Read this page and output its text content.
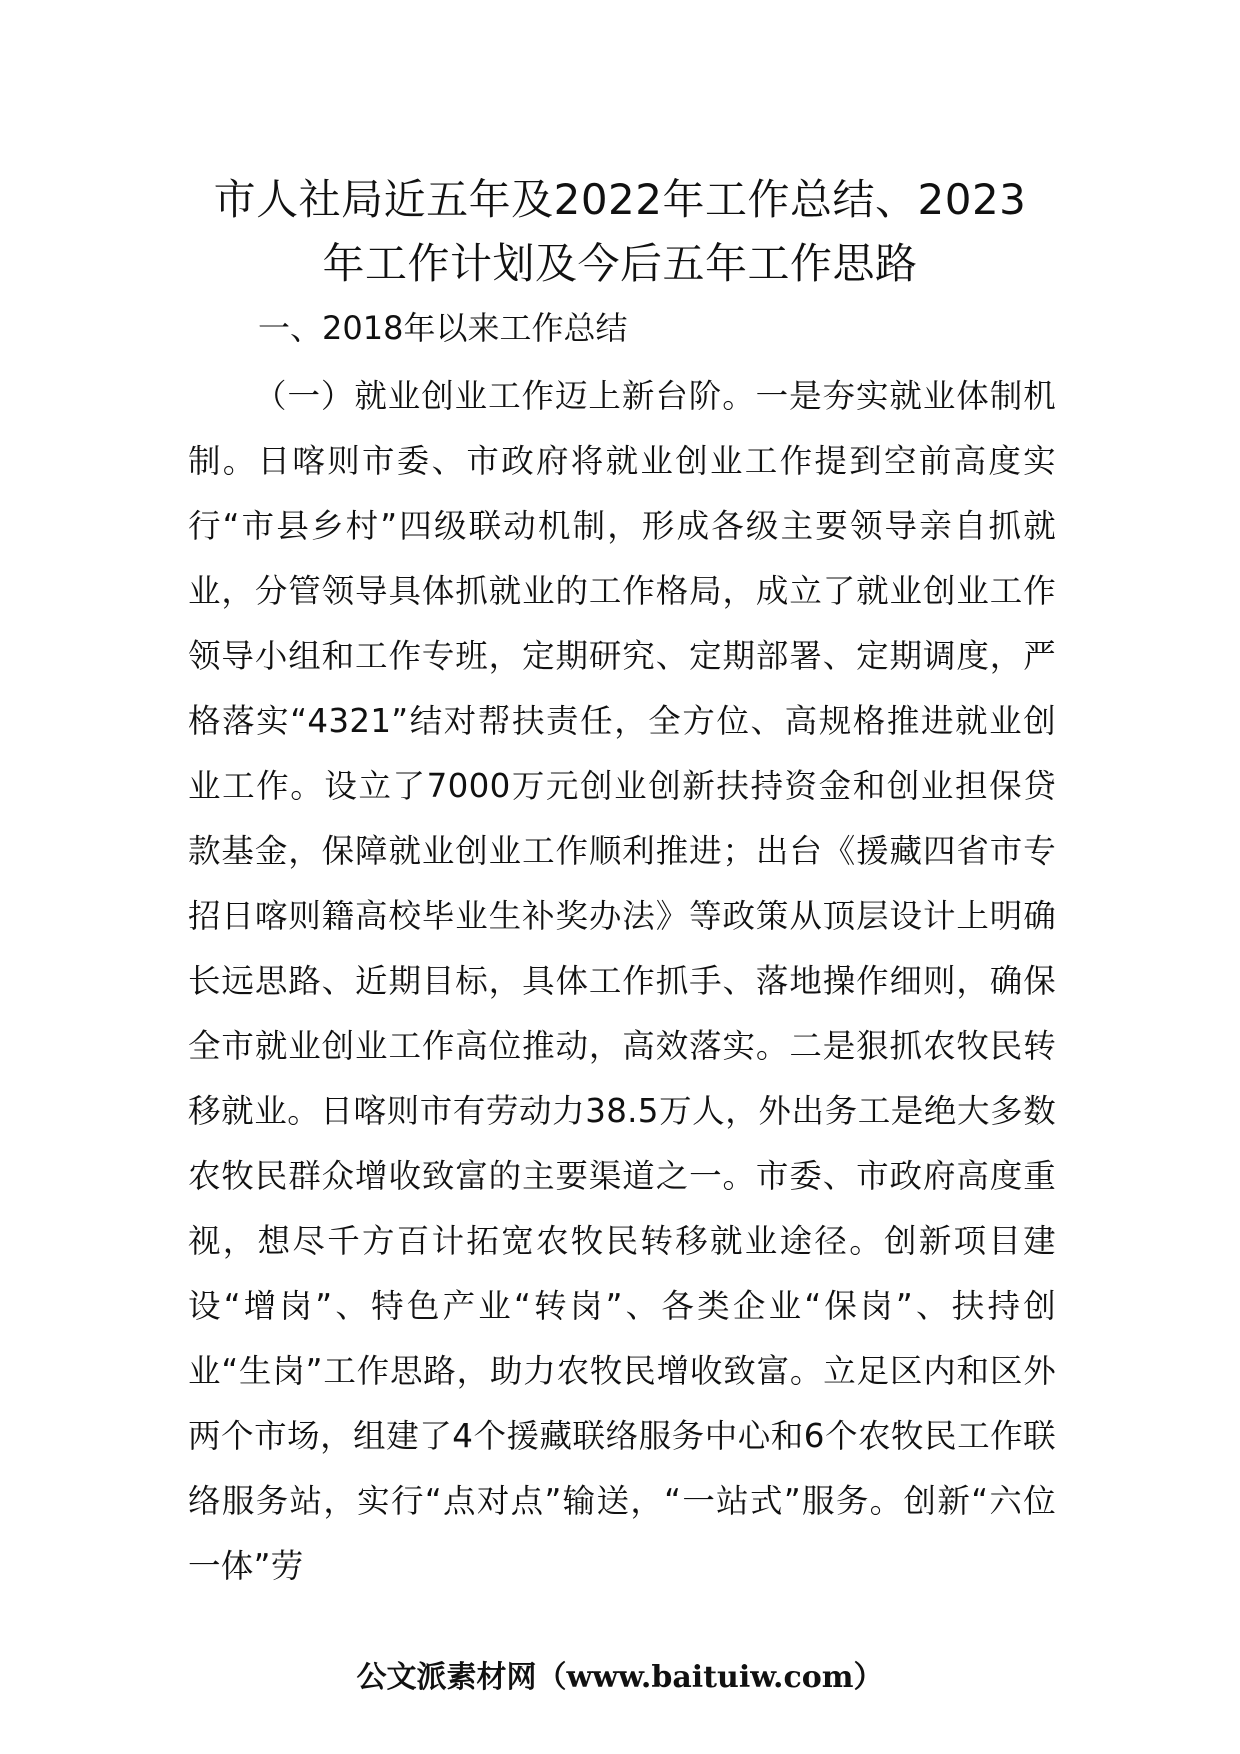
市人社局近五年及2022年工作总结、2023
年工作计划及今后五年工作思路

一、2018年以来工作总结

（一）就业创业工作迈上新台阶。一是夯实就业体制机制。日喀则市委、市政府将就业创业工作提到空前高度实行“市县乡村”四级联动机制，形成各级主要领导亲自抓就业，分管领导具体抓就业的工作格局，成立了就业创业工作领导小组和工作专班，定期研究、定期部署、定期调度，严格落实“4321”结对帮扶责任，全方位、高规格推进就业创业工作。设立了7000万元创业创新扶持资金和创业担保贷款基金，保障就业创业工作顺利推进；出台《援藏四省市专招日喀则籍高校毕业生补奖办法》等政策从顶层设计上明确长远思路、近期目标，具体工作抓手、落地操作细则，确保全市就业创业工作高位推动，高效落实。二是狠抓农牧民转移就业。日喀则市有劳动力38.5万人，外出务工是绝大多数农牧民群众增收致富的主要渠道之一。市委、市政府高度重视，想尽千方百计拓宽农牧民转移就业途径。创新项目建设“增岗”、特色产业“转岗”、各类企业“保岗”、扶持创业“生岗”工作思路，助力农牧民增收致富。立足区内和区外两个市场，组建了4个援藏联络服务中心和6个农牧民工作联络服务站，实行“点对点”输送，“一站式”服务。创新“六位一体”劳

公文派素材网（www.baituiw.com）
